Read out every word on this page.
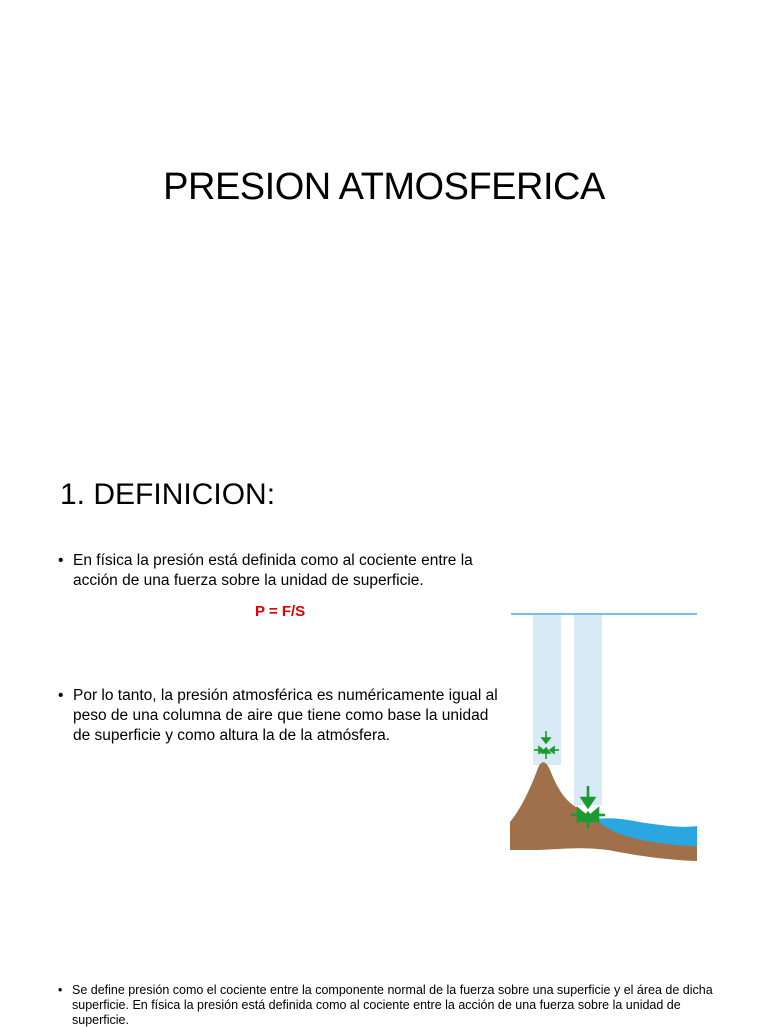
PRESION ATMOSFERICA
1. DEFINICION:
• En física la presión está definida como al cociente entre la acción de una fuerza sobre la unidad de superficie.
P = F/S
• Por lo tanto, la presión atmosférica es numéricamente igual al peso de una columna de aire que tiene como base la unidad de superficie y como altura la de la atmósfera.
• Se define presión como el cociente entre la componente normal de la fuerza sobre una superficie y el área de dicha superficie. En física la presión está definida como al cociente entre la acción de una fuerza sobre la unidad de superficie.
